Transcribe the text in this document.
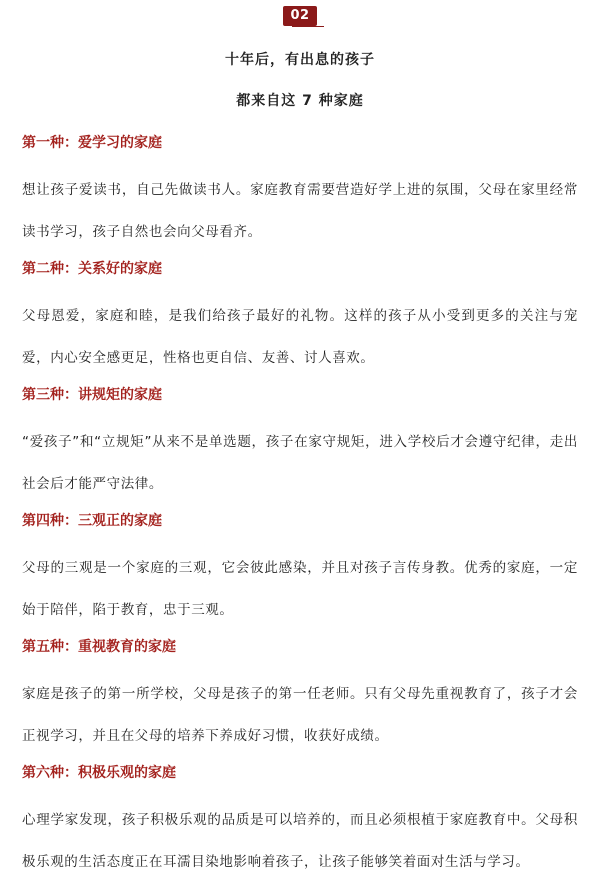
02
十年后，有出息的孩子
都来自这 7 种家庭

第一种：爱学习的家庭

想让孩子爱读书，自己先做读书人。家庭教育需要营造好学上进的氛围，父母在家里经常读书学习，孩子自然也会向父母看齐。

第二种：关系好的家庭

父母恩爱，家庭和睦，是我们给孩子最好的礼物。这样的孩子从小受到更多的关注与宠爱，内心安全感更足，性格也更自信、友善、讨人喜欢。

第三种：讲规矩的家庭

“爱孩子”和“立规矩”从来不是单选题，孩子在家守规矩，进入学校后才会遵守纪律，走出社会后才能严守法律。

第四种：三观正的家庭

父母的三观是一个家庭的三观，它会彼此感染，并且对孩子言传身教。优秀的家庭，一定始于陪伴，陷于教育，忠于三观。

第五种：重视教育的家庭

家庭是孩子的第一所学校，父母是孩子的第一任老师。只有父母先重视教育了，孩子才会正视学习，并且在父母的培养下养成好习惯，收获好成绩。

第六种：积极乐观的家庭

心理学家发现，孩子积极乐观的品质是可以培养的，而且必须根植于家庭教育中。父母积极乐观的生活态度正在耳濡目染地影响着孩子，让孩子能够笑着面对生活与学习。
